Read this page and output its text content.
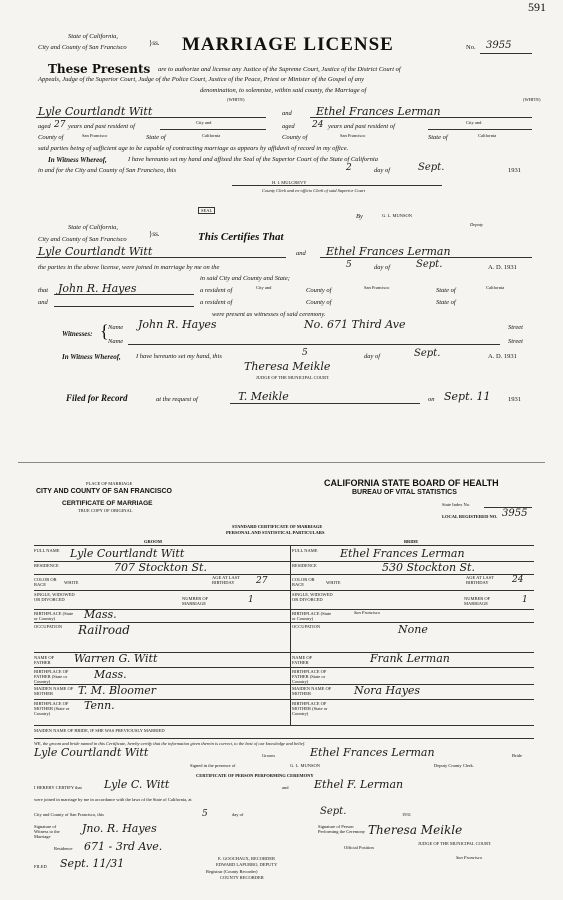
591
State of California,
City and County of San Francisco
}ss. MARRIAGE LICENSE	No. 3955
These Presents are to authorize and license any Justice of the Supreme Court, Justice of the District Court of
Appeals, Judge of the Superior Court, Judge of the Police Court, Justice of the Peace, Priest or Minister of the Gospel of any
denomination, to solemnize, within said county, the Marriage of
(WHITE)	(WHITE)
Lyle Courtlandt Witt	and Ethel Frances Lerman
aged 27 years and past resident of
City and
aged 24 years and past resident of
City and
County of	San Francisco	State of	California	County of	San Francisco	State of	California
said parties being of sufficient age to be capable of contracting marriage as appears by affidavit of record in my office.
In Witness Whereof,	I have hereunto set my hand and affixed the Seal of the Superior Court of the State of California
in and for the City and County of San Francisco, this	2	day of	Sept.	1931
H. I. MULCREVY
County Clerk and ex-officio Clerk of said Superior Court
SEAL
By	G. L. MUNSON
Deputy
State of California,
City and County of San Francisco
}ss.	This Certifies That
Lyle Courtlandt Witt	and Ethel Frances Lerman
the parties in the above license, were joined in marriage by me on the	5	day of	Sept.	A. D. 1931
in said City and County and State;
that John R. Hayes	a resident of	City and	County of	San Francisco	State of	California
and	a resident of	County of	State of
were present as witnesses of said ceremony.
Witnesses: { Name John R. Hayes	No. 671 Third Ave	Street
Name	Street
In Witness Whereof, I have hereunto set my hand, this	5	day of	Sept.	A. D. 1931
Theresa Meikle
JUDGE OF THE MUNICIPAL COURT.
Filed for Record	at the request of	T. Meikle	on Sept. 11	1931
PLACE OF MARRIAGE
CITY AND COUNTY OF SAN FRANCISCO
CERTIFICATE OF MARRIAGE
TRUE COPY OF ORIGINAL
CALIFORNIA STATE BOARD OF HEALTH
BUREAU OF VITAL STATISTICS
State Index No.
LOCAL REGISTERED NO. 3955
STANDARD CERTIFICATE OF MARRIAGE
PERSONAL AND STATISTICAL PARTICULARS
GROOM	BRIDE
FULL NAME Lyle Courtlandt Witt
RESIDENCE	707 Stockton St.
COLOR OR RACE	WHITE
AGE AT LAST BIRTHDAY	27
SINGLE, WIDOWED OR DIVORCED	NUMBER OF MARRIAGE	1
BIRTHPLACE (State or Country)	Mass.
OCCUPATION Railroad
NAME OF FATHER	Warren G. Witt
BIRTHPLACE OF FATHER (State or Country)
Mass.
MAIDEN NAME OF MOTHER	T. M. Bloomer
BIRTHPLACE OF MOTHER (State or Country)
Tenn.
FULL NAME	Ethel Frances Lerman
RESIDENCE	530 Stockton St.
COLOR OR RACE	WHITE
AGE AT LAST BIRTHDAY	24
SINGLE, WIDOWED OR DIVORCED	NUMBER OF MARRIAGE	1
BIRTHPLACE (State or Country)
San Francisco
OCCUPATION	None
NAME OF FATHER	Frank Lerman
BIRTHPLACE OF FATHER (State or Country)
MAIDEN NAME OF MOTHER	Nora Hayes
BIRTHPLACE OF MOTHER (State or Country)
MAIDEN NAME OF BRIDE, IF SHE WAS PREVIOUSLY MARRIED
WE, the groom and bride named in this Certificate, hereby certify that the information given therein is correct, to the best of our knowledge and belief.
Lyle Courtlandt Witt	Groom	Ethel Frances Lerman	Bride
Signed in the presence of	G. L. MUNSON	Deputy County Clerk.
CERTIFICATE OF PERSON PERFORMING CEREMONY
I HEREBY CERTIFY that Lyle C. Witt	and Ethel F. Lerman
were joined in marriage by me in accordance with the laws of the State of California, at
City and County of San Francisco, this	5	day of	Sept.	1931
Signature of Witness to the Marriage
Jno. R. Hayes
Residence 671 - 3rd Ave.
Signature of Person Performing the Ceremony Theresa Meikle
Official Position
JUDGE OF THE MUNICIPAL COURT.
San Francisco
FILED Sept. 11/31	E. GOOCHAUX, RECORDER
EDWARD LAPURRO, DEPUTY
Registrar (County Recorder)
COUNTY RECORDER
